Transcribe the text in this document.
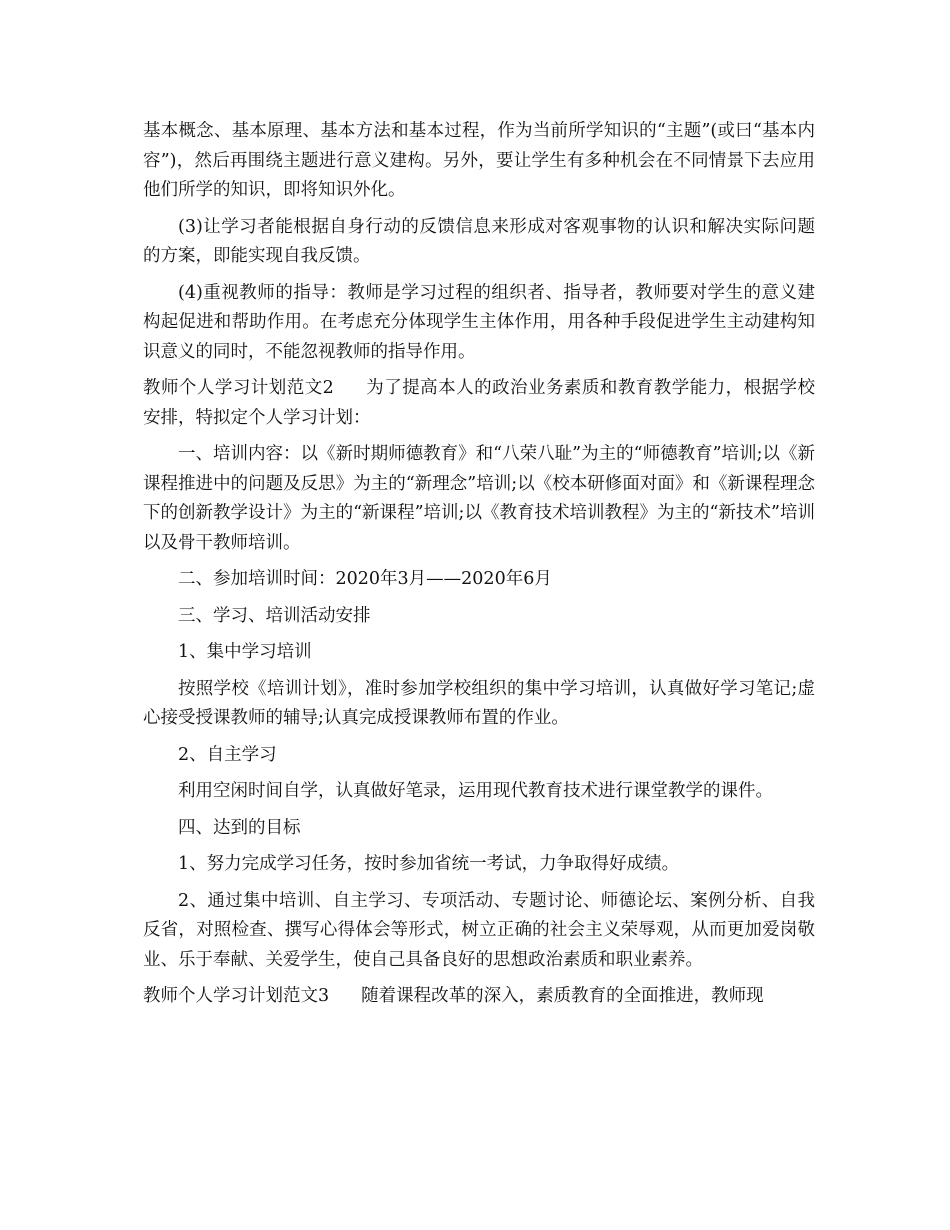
基本概念、基本原理、基本方法和基本过程，作为当前所学知识的“主题”(或曰“基本内容”)，然后再围绕主题进行意义建构。另外，要让学生有多种机会在不同情景下去应用他们所学的知识，即将知识外化。

(3)让学习者能根据自身行动的反馈信息来形成对客观事物的认识和解决实际问题的方案，即能实现自我反馈。

(4)重视教师的指导：教师是学习过程的组织者、指导者，教师要对学生的意义建构起促进和帮助作用。在考虑充分体现学生主体作用，用各种手段促进学生主动建构知识意义的同时，不能忽视教师的指导作用。

教师个人学习计划范文2 为了提高本人的政治业务素质和教育教学能力，根据学校安排，特拟定个人学习计划：

一、培训内容：以《新时期师德教育》和“八荣八耻”为主的“师德教育”培训;以《新课程推进中的问题及反思》为主的“新理念”培训;以《校本研修面对面》和《新课程理念下的创新教学设计》为主的“新课程”培训;以《教育技术培训教程》为主的“新技术”培训以及骨干教师培训。

二、参加培训时间：2020年3月——2020年6月

三、学习、培训活动安排

1、集中学习培训

按照学校《培训计划》，准时参加学校组织的集中学习培训，认真做好学习笔记;虚心接受授课教师的辅导;认真完成授课教师布置的作业。

2、自主学习

利用空闲时间自学，认真做好笔录，运用现代教育技术进行课堂教学的课件。

四、达到的目标

1、努力完成学习任务，按时参加省统一考试，力争取得好成绩。

2、通过集中培训、自主学习、专项活动、专题讨论、师德论坛、案例分析、自我反省，对照检查、撰写心得体会等形式，树立正确的社会主义荣辱观，从而更加爱岗敬业、乐于奉献、关爱学生，使自己具备良好的思想政治素质和职业素养。

教师个人学习计划范文3 随着课程改革的深入，素质教育的全面推进，教师现
